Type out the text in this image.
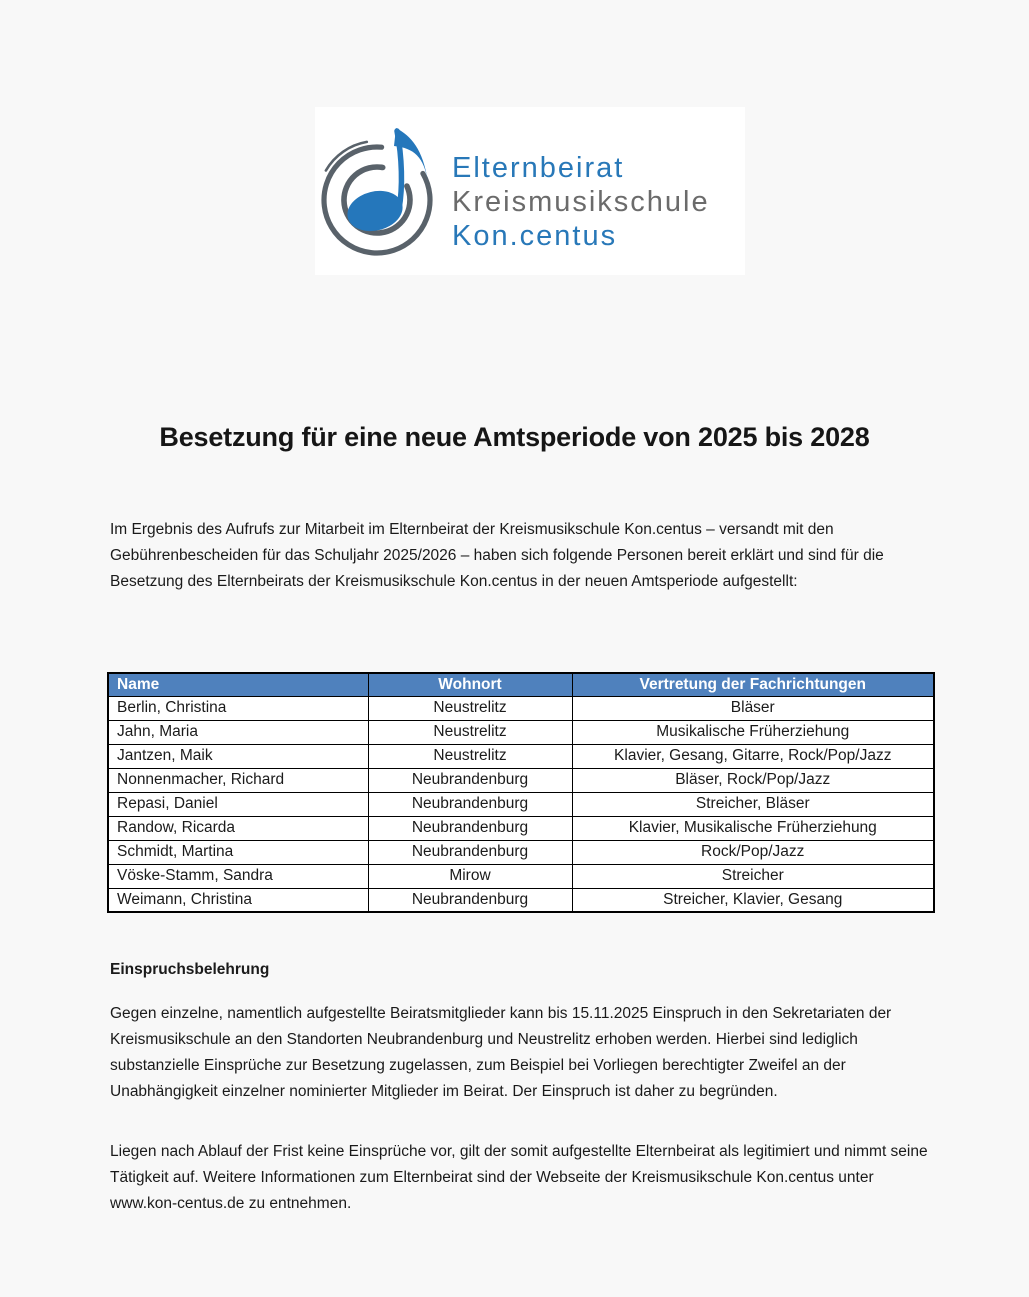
Elternbeirat
Kreismusikschule
Kon.centus
Besetzung für eine neue Amtsperiode von 2025 bis 2028
Im Ergebnis des Aufrufs zur Mitarbeit im Elternbeirat der Kreismusikschule Kon.centus – versandt mit den Gebührenbescheiden für das Schuljahr 2025/2026 – haben sich folgende Personen bereit erklärt und sind für die Besetzung des Elternbeirats der Kreismusikschule Kon.centus in der neuen Amtsperiode aufgestellt:
Name	Wohnort	Vertretung der Fachrichtungen
Berlin, Christina	Neustrelitz	Bläser
Jahn, Maria	Neustrelitz	Musikalische Früherziehung
Jantzen, Maik	Neustrelitz	Klavier, Gesang, Gitarre, Rock/Pop/Jazz
Nonnenmacher, Richard	Neubrandenburg	Bläser, Rock/Pop/Jazz
Repasi, Daniel	Neubrandenburg	Streicher, Bläser
Randow, Ricarda	Neubrandenburg	Klavier, Musikalische Früherziehung
Schmidt, Martina	Neubrandenburg	Rock/Pop/Jazz
Vöske-Stamm, Sandra	Mirow	Streicher
Weimann, Christina	Neubrandenburg	Streicher, Klavier, Gesang
Einspruchsbelehrung
Gegen einzelne, namentlich aufgestellte Beiratsmitglieder kann bis 15.11.2025 Einspruch in den Sekretariaten der Kreismusikschule an den Standorten Neubrandenburg und Neustrelitz erhoben werden. Hierbei sind lediglich substanzielle Einsprüche zur Besetzung zugelassen, zum Beispiel bei Vorliegen berechtigter Zweifel an der Unabhängigkeit einzelner nominierter Mitglieder im Beirat. Der Einspruch ist daher zu begründen.
Liegen nach Ablauf der Frist keine Einsprüche vor, gilt der somit aufgestellte Elternbeirat als legitimiert und nimmt seine Tätigkeit auf. Weitere Informationen zum Elternbeirat sind der Webseite der Kreismusikschule Kon.centus unter www.kon-centus.de zu entnehmen.
